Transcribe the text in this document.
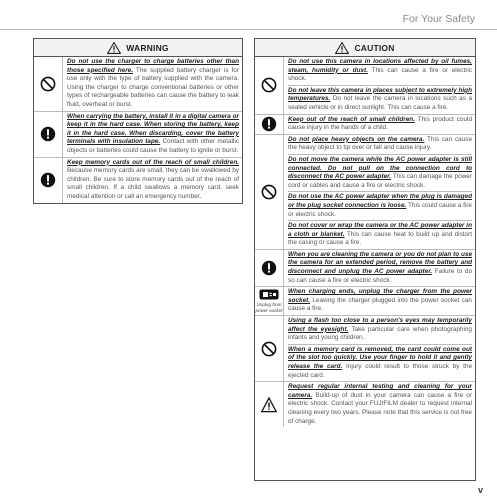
For Your Safety
WARNING
Do not use the charger to charge batteries other than those specified here. The supplied battery charger is for use only with the type of battery supplied with the camera. Using the charger to charge conventional batteries or other types of rechargeable batteries can cause the battery to leak fluid, overheat or burst.
When carrying the battery, install it in a digital camera or keep it in the hard case. When storing the battery, keep it in the hard case. When discarding, cover the battery terminals with insulation tape. Contact with other metallic objects or batteries could cause the battery to ignite or burst.
Keep memory cards out of the reach of small children. Because memory cards are small, they can be swallowed by children. Be sure to store memory cards out of the reach of small children. If a child swallows a memory card, seek medical attention or call an emergency number.
CAUTION
Do not use this camera in locations affected by oil fumes, steam, humidity or dust. This can cause a fire or electric shock.
Do not leave this camera in places subject to extremely high temperatures. Do not leave the camera in locations such as a sealed vehicle or in direct sunlight. This can cause a fire.
Keep out of the reach of small children. This product could cause injury in the hands of a child.
Do not place heavy objects on the camera. This can cause the heavy object to tip over or fall and cause injury.
Do not move the camera while the AC power adapter is still connected. Do not pull on the connection cord to disconnect the AC power adapter. This can damage the power cord or cables and cause a fire or electric shock.
Do not use the AC power adapter when the plug is damaged or the plug socket connection is loose. This could cause a fire or electric shock.
Do not cover or wrap the camera or the AC power adapter in a cloth or blanket. This can cause heat to build up and distort the casing or cause a fire.
When you are cleaning the camera or you do not plan to use the camera for an extended period, remove the battery and disconnect and unplug the AC power adapter. Failure to do so can cause a fire or electric shock.
Unplug from power socket
When charging ends, unplug the charger from the power socket. Leaving the charger plugged into the power socket can cause a fire.
Using a flash too close to a person's eyes may temporarily affect the eyesight. Take particular care when photographing infants and young children.
When a memory card is removed, the card could come out of the slot too quickly. Use your finger to hold it and gently release the card. Injury could result to those struck by the ejected card.
Request regular internal testing and cleaning for your camera. Build-up of dust in your camera can cause a fire or electric shock. Contact your FUJIFILM dealer to request internal cleaning every two years. Please note that this service is not free of charge.
v
